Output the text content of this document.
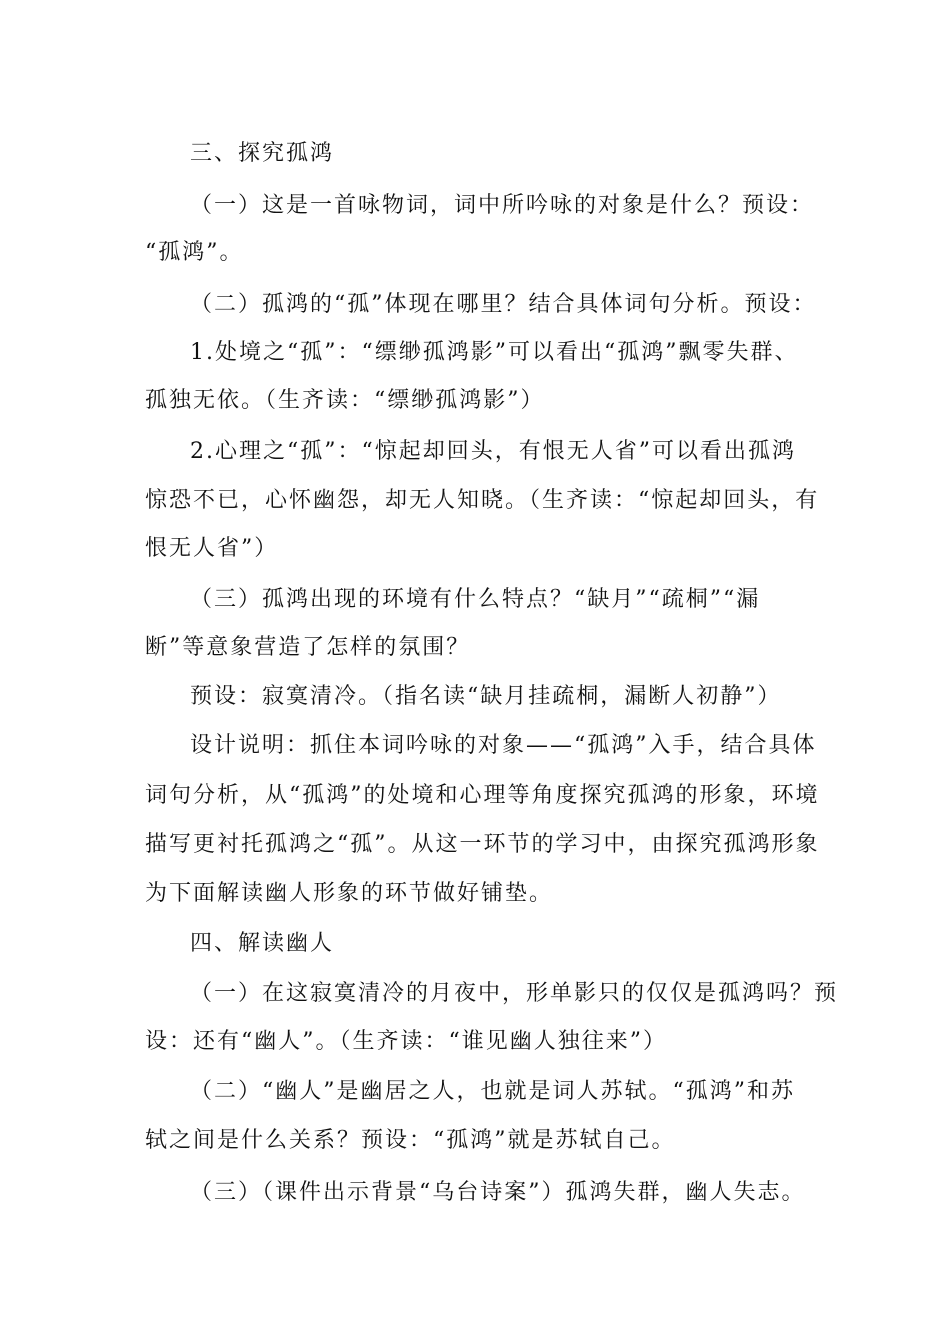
三、探究孤鸿
（一）这是一首咏物词，词中所吟咏的对象是什么？预设：
“孤鸿”。
（二）孤鸿的“孤”体现在哪里？结合具体词句分析。预设：
1.处境之“孤”：“缥缈孤鸿影”可以看出“孤鸿”飘零失群、
孤独无依。（生齐读：“缥缈孤鸿影”）
2.心理之“孤”：“惊起却回头，有恨无人省”可以看出孤鸿
惊恐不已，心怀幽怨，却无人知晓。（生齐读：“惊起却回头，有
恨无人省”）
（三）孤鸿出现的环境有什么特点？“缺月”“疏桐”“漏
断”等意象营造了怎样的氛围？
预设：寂寞清冷。（指名读“缺月挂疏桐，漏断人初静”）
设计说明：抓住本词吟咏的对象——“孤鸿”入手，结合具体
词句分析，从“孤鸿”的处境和心理等角度探究孤鸿的形象，环境
描写更衬托孤鸿之“孤”。从这一环节的学习中，由探究孤鸿形象
为下面解读幽人形象的环节做好铺垫。
四、解读幽人
（一）在这寂寞清冷的月夜中，形单影只的仅仅是孤鸿吗？预
设：还有“幽人”。（生齐读：“谁见幽人独往来”）
（二）“幽人”是幽居之人，也就是词人苏轼。“孤鸿”和苏
轼之间是什么关系？预设：“孤鸿”就是苏轼自己。
（三）（课件出示背景“乌台诗案”）孤鸿失群，幽人失志。
